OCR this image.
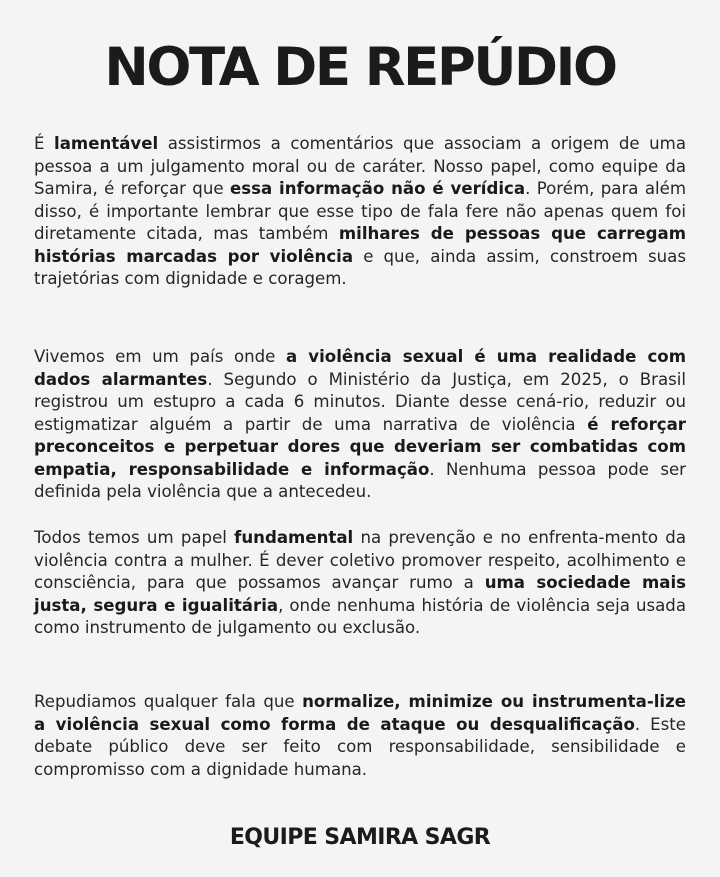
NOTA DE REPÚDIO
É lamentável assistirmos a comentários que associam a origem de uma pessoa a um julgamento moral ou de caráter. Nosso papel, como equipe da Samira, é reforçar que essa informação não é verídica. Porém, para além disso, é importante lembrar que esse tipo de fala fere não apenas quem foi diretamente citada, mas também milhares de pessoas que carregam histórias marcadas por violência e que, ainda assim, constroem suas trajetórias com dignidade e coragem.
Vivemos em um país onde a violência sexual é uma realidade com dados alarmantes. Segundo o Ministério da Justiça, em 2025, o Brasil registrou um estupro a cada 6 minutos. Diante desse cená-rio, reduzir ou estigmatizar alguém a partir de uma narrativa de violência é reforçar preconceitos e perpetuar dores que deveriam ser combatidas com empatia, responsabilidade e informação. Nenhuma pessoa pode ser definida pela violência que a antecedeu.
Todos temos um papel fundamental na prevenção e no enfrenta-mento da violência contra a mulher. É dever coletivo promover respeito, acolhimento e consciência, para que possamos avançar rumo a uma sociedade mais justa, segura e igualitária, onde nenhuma história de violência seja usada como instrumento de julgamento ou exclusão.
Repudiamos qualquer fala que normalize, minimize ou instrumenta-lize a violência sexual como forma de ataque ou desqualificação. Este debate público deve ser feito com responsabilidade, sensibilidade e compromisso com a dignidade humana.
EQUIPE SAMIRA SAGR
